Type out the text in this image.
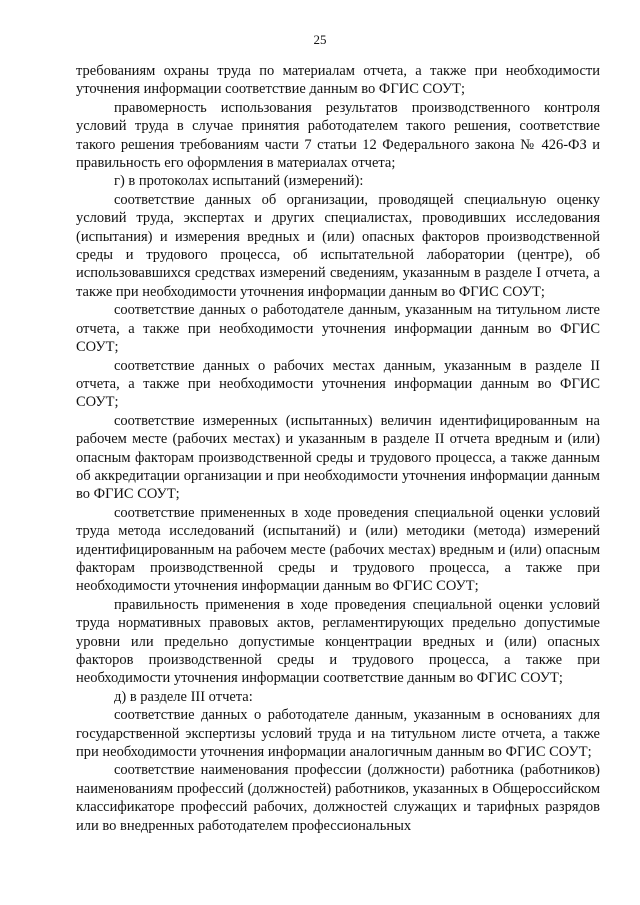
25

требованиям охраны труда по материалам отчета, а также при необходимости уточнения информации соответствие данным во ФГИС СОУТ;

правомерность использования результатов производственного контроля условий труда в случае принятия работодателем такого решения, соответствие такого решения требованиям части 7 статьи 12 Федерального закона № 426-ФЗ и правильность его оформления в материалах отчета;

г) в протоколах испытаний (измерений):

соответствие данных об организации, проводящей специальную оценку условий труда, экспертах и других специалистах, проводивших исследования (испытания) и измерения вредных и (или) опасных факторов производственной среды и трудового процесса, об испытательной лаборатории (центре), об использовавшихся средствах измерений сведениям, указанным в разделе I отчета, а также при необходимости уточнения информации данным во ФГИС СОУТ;

соответствие данных о работодателе данным, указанным на титульном листе отчета, а также при необходимости уточнения информации данным во ФГИС СОУТ;

соответствие данных о рабочих местах данным, указанным в разделе II отчета, а также при необходимости уточнения информации данным во ФГИС СОУТ;

соответствие измеренных (испытанных) величин идентифицированным на рабочем месте (рабочих местах) и указанным в разделе II отчета вредным и (или) опасным факторам производственной среды и трудового процесса, а также данным об аккредитации организации и при необходимости уточнения информации данным во ФГИС СОУТ;

соответствие примененных в ходе проведения специальной оценки условий труда метода исследований (испытаний) и (или) методики (метода) измерений идентифицированным на рабочем месте (рабочих местах) вредным и (или) опасным факторам производственной среды и трудового процесса, а также при необходимости уточнения информации данным во ФГИС СОУТ;

правильность применения в ходе проведения специальной оценки условий труда нормативных правовых актов, регламентирующих предельно допустимые уровни или предельно допустимые концентрации вредных и (или) опасных факторов производственной среды и трудового процесса, а также при необходимости уточнения информации соответствие данным во ФГИС СОУТ;

д) в разделе III отчета:

соответствие данных о работодателе данным, указанным в основаниях для государственной экспертизы условий труда и на титульном листе отчета, а также при необходимости уточнения информации аналогичным данным во ФГИС СОУТ;

соответствие наименования профессии (должности) работника (работников) наименованиям профессий (должностей) работников, указанных в Общероссийском классификаторе профессий рабочих, должностей служащих и тарифных разрядов или во внедренных работодателем профессиональных
